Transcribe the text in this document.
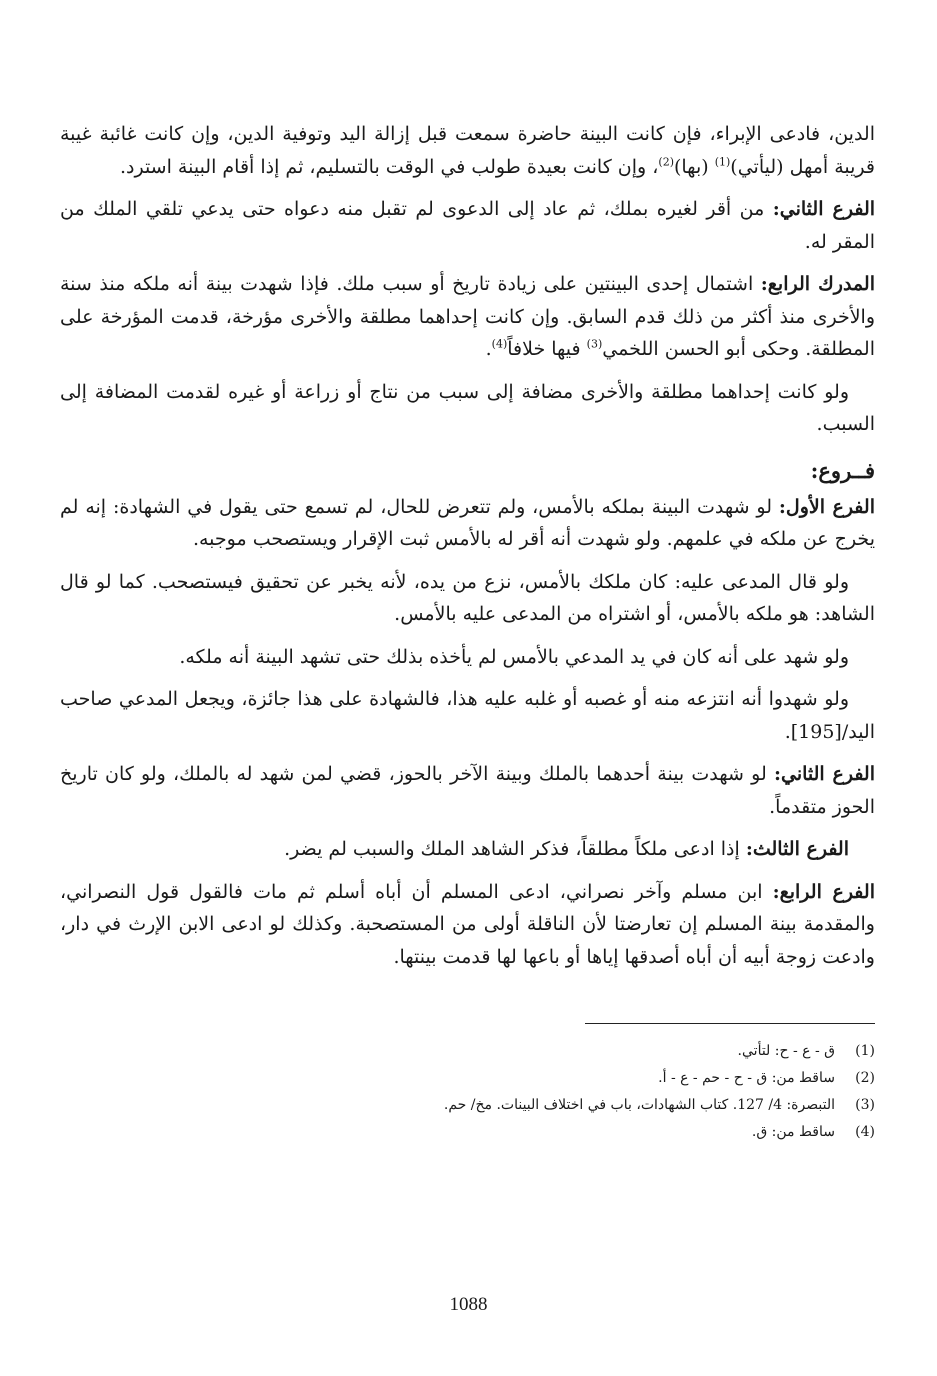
الدين، فادعى الإبراء، فإن كانت البينة حاضرة سمعت قبل إزالة اليد وتوفية الدين، وإن كانت غائبة غيبة قريبة أمهل (ليأتي)$^{(1)}$ (بها)$^{(2)}$، وإن كانت بعيدة طولب في الوقت بالتسليم، ثم إذا أقام البينة استرد.

الفرع الثاني: من أقر لغيره بملك، ثم عاد إلى الدعوى لم تقبل منه دعواه حتى يدعي تلقي الملك من المقر له.

المدرك الرابع: اشتمال إحدى البينتين على زيادة تاريخ أو سبب ملك. فإذا شهدت بينة أنه ملكه منذ سنة والأخرى منذ أكثر من ذلك قدم السابق. وإن كانت إحداهما مطلقة والأخرى مؤرخة، قدمت المؤرخة على المطلقة. وحكى أبو الحسن اللخمي$^{(3)}$ فيها خلافاً$^{(4)}$.

ولو كانت إحداهما مطلقة والأخرى مضافة إلى سبب من نتاج أو زراعة أو غيره لقدمت المضافة إلى السبب.

فــروع:

الفرع الأول: لو شهدت البينة بملكه بالأمس، ولم تتعرض للحال، لم تسمع حتى يقول في الشهادة: إنه لم يخرج عن ملكه في علمهم. ولو شهدت أنه أقر له بالأمس ثبت الإقرار ويستصحب موجبه.

ولو قال المدعى عليه: كان ملكك بالأمس، نزع من يده، لأنه يخبر عن تحقيق فيستصحب. كما لو قال الشاهد: هو ملكه بالأمس، أو اشتراه من المدعى عليه بالأمس.

ولو شهد على أنه كان في يد المدعي بالأمس لم يأخذه بذلك حتى تشهد البينة أنه ملكه.

ولو شهدوا أنه انتزعه منه أو غصبه أو غلبه عليه هذا، فالشهادة على هذا جائزة، ويجعل المدعي صاحب اليد/[195].

الفرع الثاني: لو شهدت بينة أحدهما بالملك وبينة الآخر بالحوز، قضي لمن شهد له بالملك، ولو كان تاريخ الحوز متقدماً.

الفرع الثالث: إذا ادعى ملكاً مطلقاً، فذكر الشاهد الملك والسبب لم يضر.

الفرع الرابع: ابن مسلم وآخر نصراني، ادعى المسلم أن أباه أسلم ثم مات فالقول قول النصراني، والمقدمة بينة المسلم إن تعارضتا لأن الناقلة أولى من المستصحبة. وكذلك لو ادعى الابن الإرث في دار، وادعت زوجة أبيه أن أباه أصدقها إياها أو باعها لها قدمت بينتها.

(1)
ق - ع - ح: لتأتي.
(2)
ساقط من: ق - ح - حم - ع - أ.
(3)
التبصرة: 4/ 127. كتاب الشهادات، باب في اختلاف البينات. مخ/ حم.
(4)
ساقط من: ق.
1088
